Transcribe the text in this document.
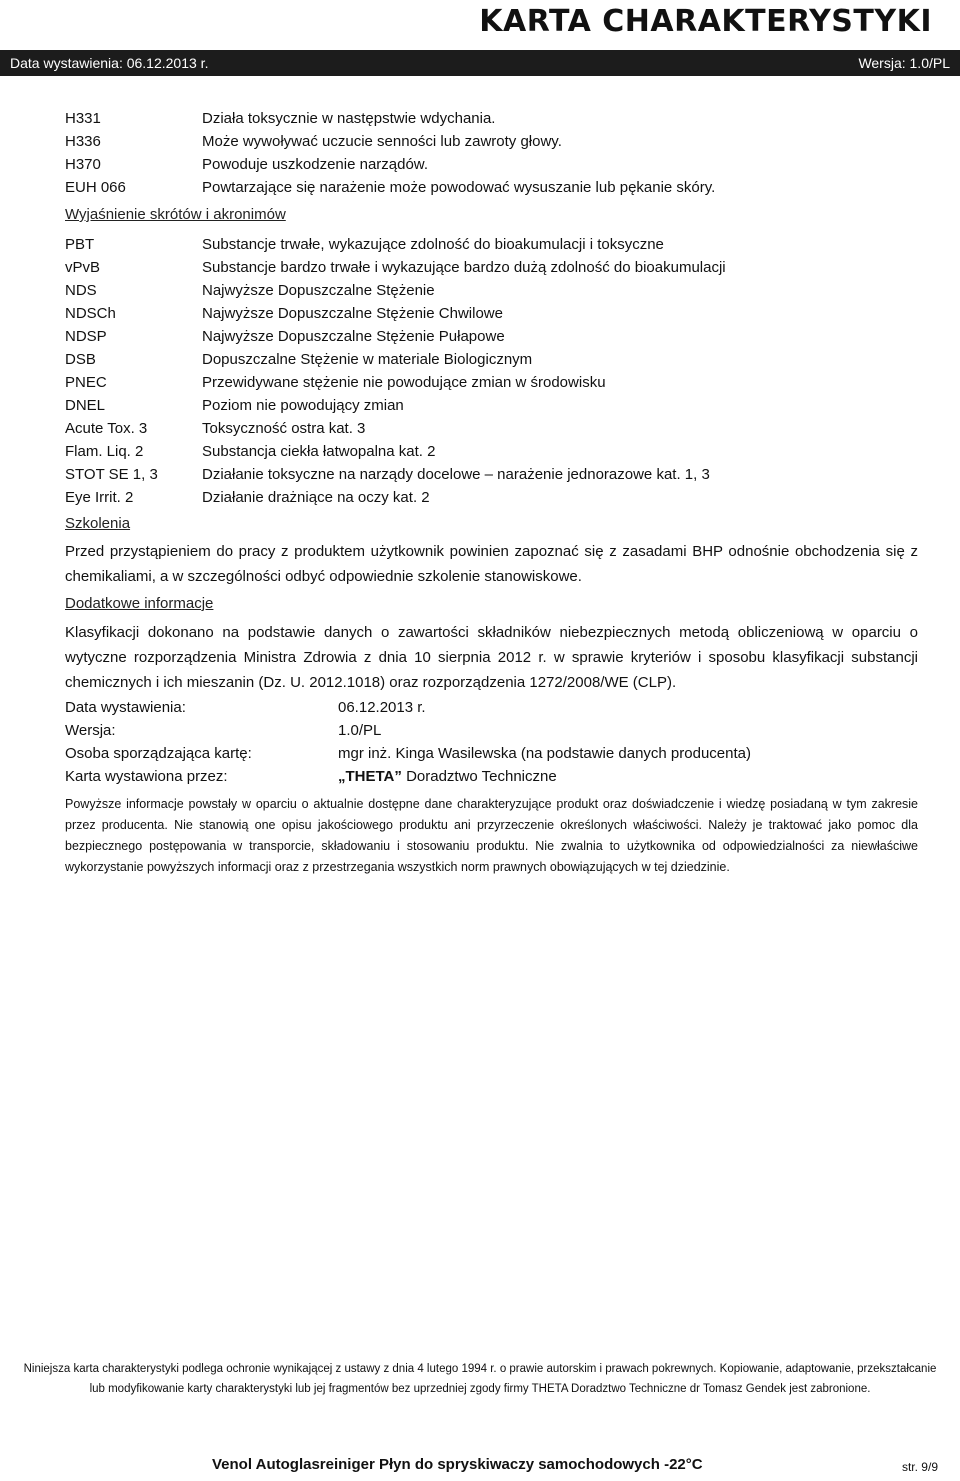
KARTA CHARAKTERYSTYKI
Data wystawienia: 06.12.2013 r.	Wersja: 1.0/PL
H331	Działa toksycznie w następstwie wdychania.
H336	Może wywoływać uczucie senności lub zawroty głowy.
H370	Powoduje uszkodzenie narządów.
EUH 066	Powtarzające się narażenie może powodować wysuszanie lub pękanie skóry.
Wyjaśnienie skrótów i akronimów
PBT	Substancje trwałe, wykazujące zdolność do bioakumulacji i toksyczne
vPvB	Substancje bardzo trwałe i wykazujące bardzo dużą zdolność do bioakumulacji
NDS	Najwyższe Dopuszczalne Stężenie
NDSCh	Najwyższe Dopuszczalne Stężenie Chwilowe
NDSP	Najwyższe Dopuszczalne Stężenie Pułapowe
DSB	Dopuszczalne Stężenie w materiale Biologicznym
PNEC	Przewidywane stężenie nie powodujące zmian w środowisku
DNEL	Poziom nie powodujący zmian
Acute Tox. 3	Toksyczność ostra kat. 3
Flam. Liq. 2	Substancja ciekła łatwopalna kat. 2
STOT SE 1, 3	Działanie toksyczne na narządy docelowe – narażenie jednorazowe kat. 1, 3
Eye Irrit. 2	Działanie drażniące na oczy kat. 2
Szkolenia
Przed przystąpieniem do pracy z produktem użytkownik powinien zapoznać się z zasadami BHP odnośnie obchodzenia się z chemikaliami, a w szczególności odbyć odpowiednie szkolenie stanowiskowe.
Dodatkowe informacje
Klasyfikacji dokonano na podstawie danych o zawartości składników niebezpiecznych metodą obliczeniową w oparciu o wytyczne rozporządzenia Ministra Zdrowia z dnia 10 sierpnia 2012 r. w sprawie kryteriów i sposobu klasyfikacji substancji chemicznych i ich mieszanin (Dz. U. 2012.1018) oraz rozporządzenia 1272/2008/WE (CLP).
Data wystawienia:	06.12.2013 r.
Wersja:	1.0/PL
Osoba sporządzająca kartę:	mgr inż. Kinga Wasilewska (na podstawie danych producenta)
Karta wystawiona przez:	„THETA” Doradztwo Techniczne
Powyższe informacje powstały w oparciu o aktualnie dostępne dane charakteryzujące produkt oraz doświadczenie i wiedzę posiadaną w tym zakresie przez producenta. Nie stanowią one opisu jakościowego produktu ani przyrzeczenie określonych właściwości. Należy je traktować jako pomoc dla bezpiecznego postępowania w transporcie, składowaniu i stosowaniu produktu. Nie zwalnia to użytkownika od odpowiedzialności za niewłaściwe wykorzystanie powyższych informacji oraz z przestrzegania wszystkich norm prawnych obowiązujących w tej dziedzinie.
Niniejsza karta charakterystyki podlega ochronie wynikającej z ustawy z dnia 4 lutego 1994 r. o prawie autorskim i prawach pokrewnych. Kopiowanie, adaptowanie, przekształcanie lub modyfikowanie karty charakterystyki lub jej fragmentów bez uprzedniej zgody firmy THETA Doradztwo Techniczne dr Tomasz Gendek jest zabronione.
Venol Autoglasreiniger Płyn do spryskiwaczy samochodowych -22°C	str. 9/9
